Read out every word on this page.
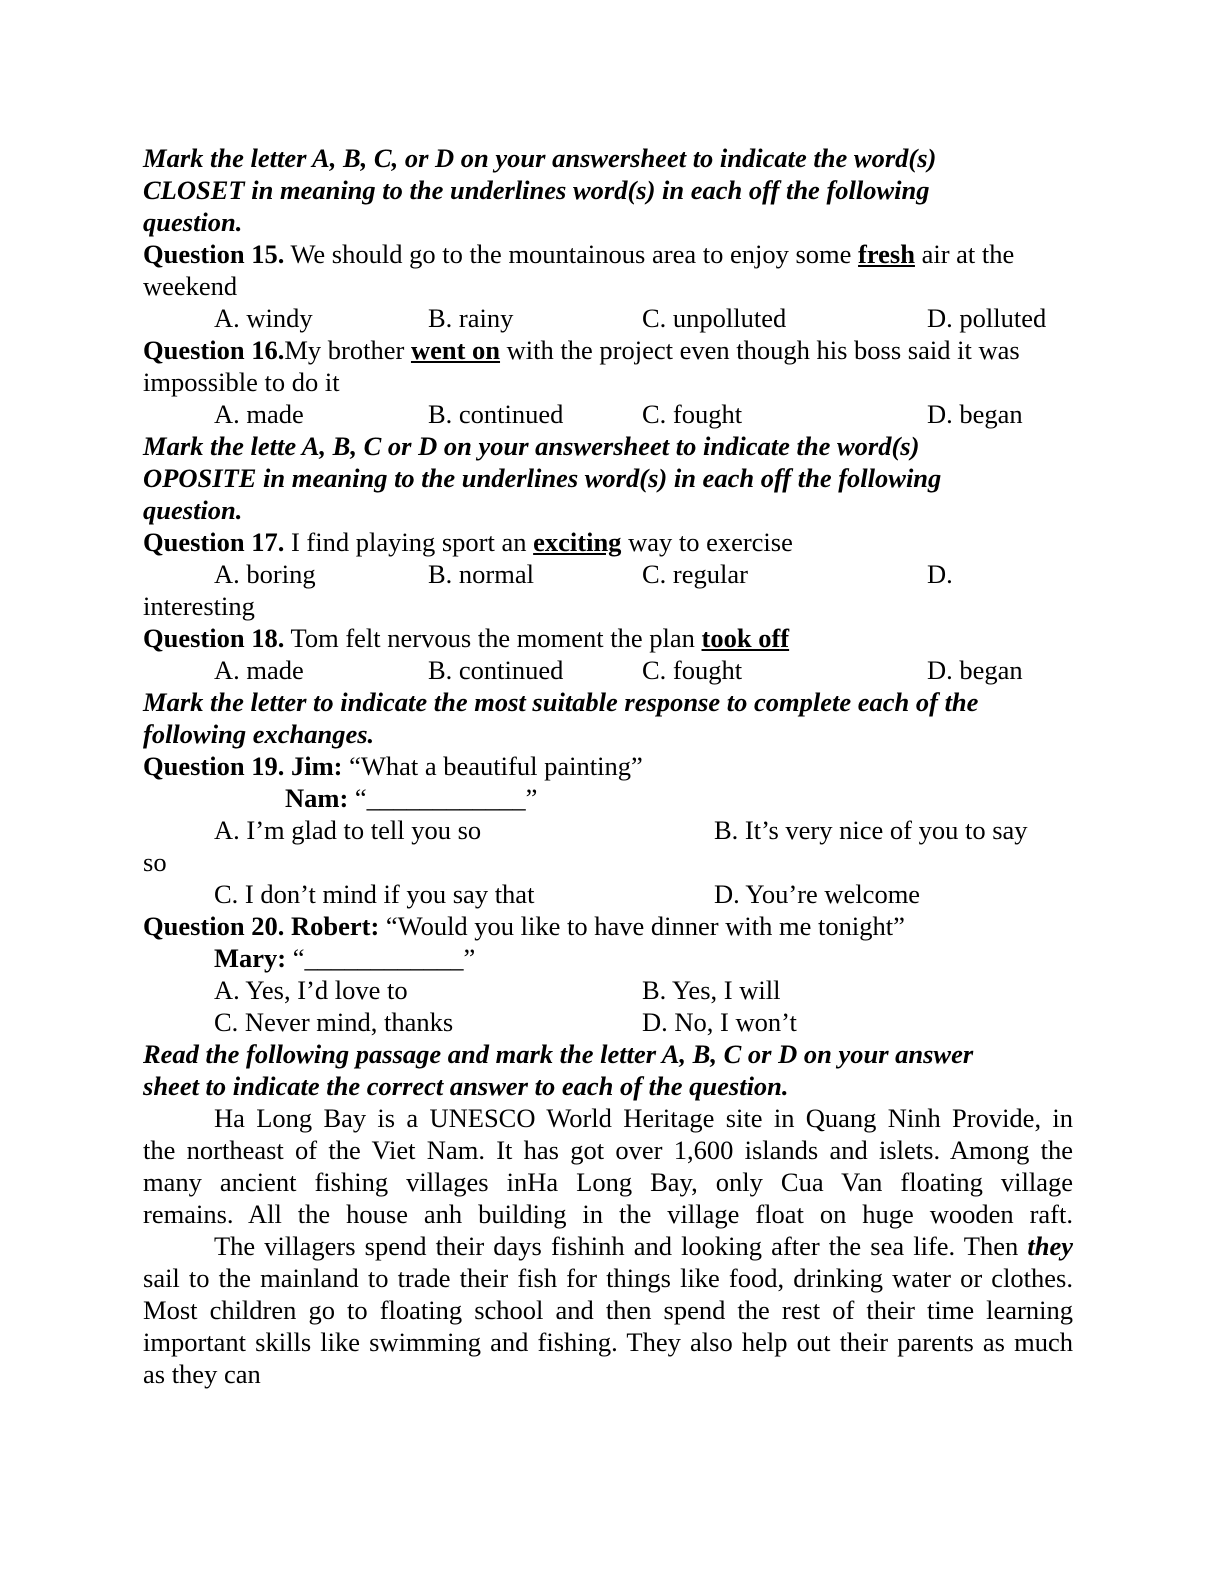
Mark the letter A, B, C, or D on your answersheet to indicate the word(s)
CLOSET in meaning to the underlines word(s) in each off the following
question.
Question 15. We should go to the mountainous area to enjoy some fresh air at the
weekend
A. windy	B. rainy	C. unpolluted	D. polluted
Question 16.My brother went on with the project even though his boss said it was
impossible to do it
A. made	B. continued	C. fought	D. began
Mark the lette A, B, C or D on your answersheet to indicate the word(s)
OPOSITE in meaning to the underlines word(s) in each off the following
question.
Question 17. I find playing sport an exciting way to exercise
A. boring	B. normal	C. regular	D.
interesting
Question 18. Tom felt nervous the moment the plan took off
A. made	B. continued	C. fought	D. began
Mark the letter to indicate the most suitable response to complete each of the
following exchanges.
Question 19. Jim: “What a beautiful painting”
Nam: “____________”
A. I’m glad to tell you so	B. It’s very nice of you to say
so
C. I don’t mind if you say that	D. You’re welcome
Question 20. Robert: “Would you like to have dinner with me tonight”
Mary: “____________”
A. Yes, I’d love to	B. Yes, I will
C. Never mind, thanks	D. No, I won’t
Read the following passage and mark the letter A, B, C or D on your answer
sheet to indicate the correct answer to each of the question.
Ha Long Bay is a UNESCO World Heritage site in Quang Ninh Provide, in
the northeast of the Viet Nam. It has got over 1,600 islands and islets. Among the
many ancient fishing villages inHa Long Bay, only Cua Van floating village
remains. All the house anh building in the village float on huge wooden raft.
The villagers spend their days fishinh and looking after the sea life. Then they
sail to the mainland to trade their fish for things like food, drinking water or clothes.
Most children go to floating school and then spend the rest of their time learning
important skills like swimming and fishing. They also help out their parents as much
as they can
